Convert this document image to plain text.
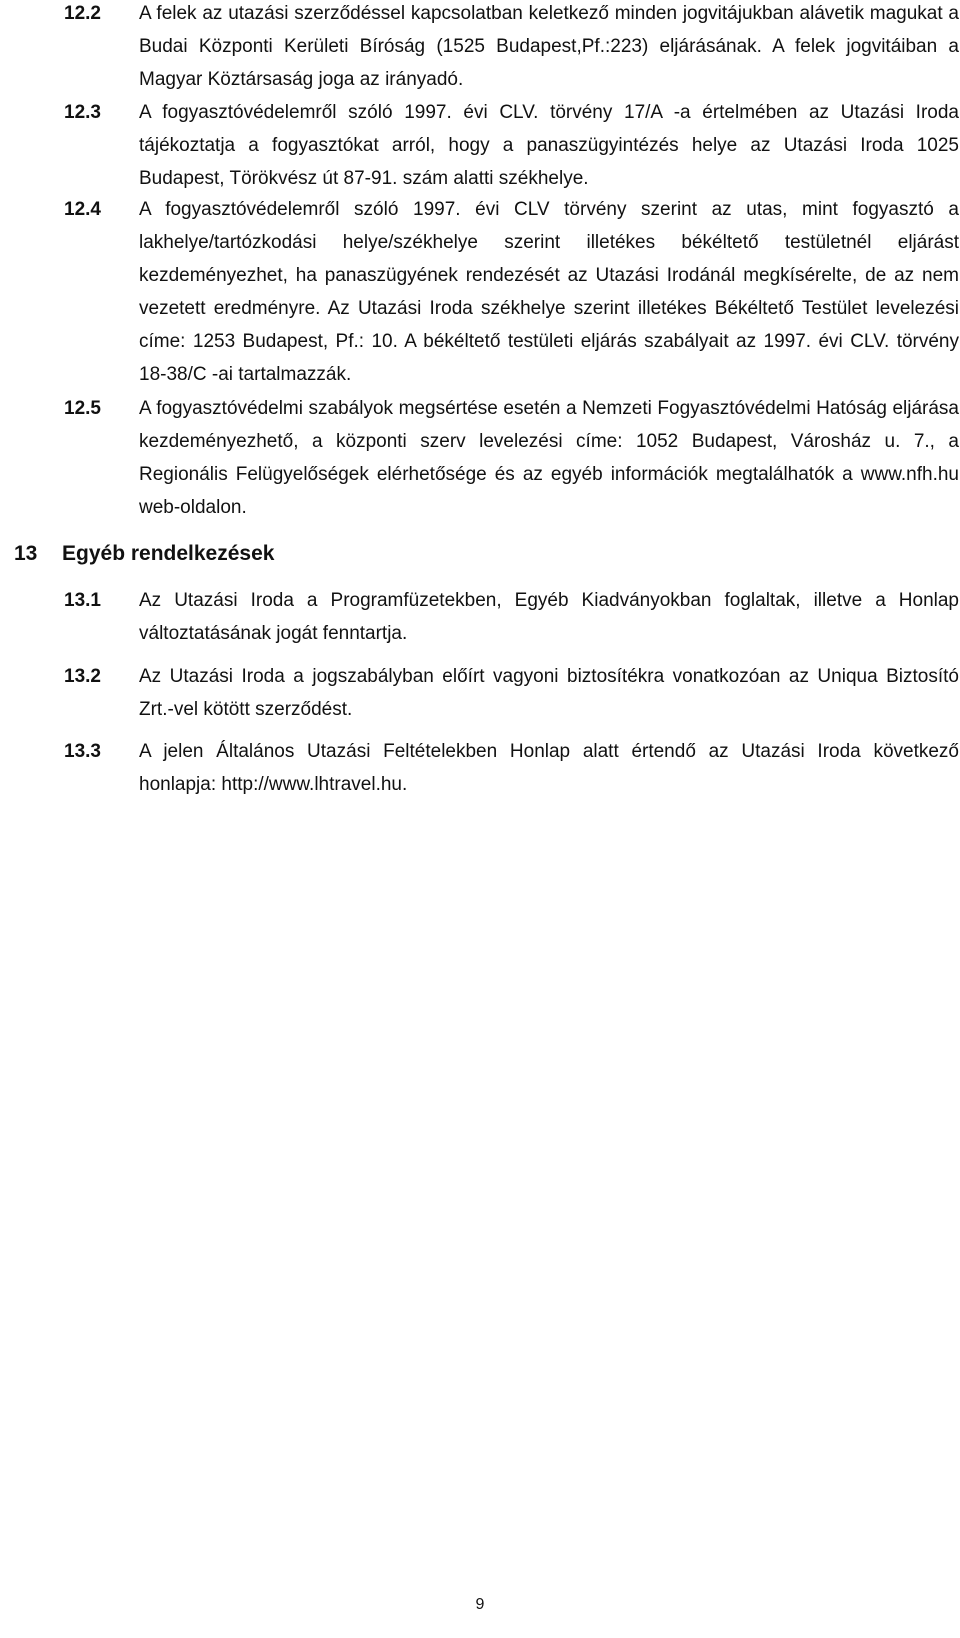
12.2 A felek az utazási szerződéssel kapcsolatban keletkező minden jogvitájukban alávetik magukat a Budai Központi Kerületi Bíróság (1525 Budapest,Pf.:223) eljárásának. A felek jogvitáiban a Magyar Köztársaság joga az irányadó.
12.3 A fogyasztóvédelemről szóló 1997. évi CLV. törvény 17/A -a értelmében az Utazási Iroda tájékoztatja a fogyasztókat arról, hogy a panaszügyintézés helye az Utazási Iroda 1025 Budapest, Törökvész út 87-91. szám alatti székhelye.
12.4 A fogyasztóvédelemről szóló 1997. évi CLV törvény szerint az utas, mint fogyasztó a lakhelye/tartózkodási helye/székhelye szerint illetékes békéltető testületnél eljárást kezdeményezhet, ha panaszügyének rendezését az Utazási Irodánál megkísérelte, de az nem vezetett eredményre. Az Utazási Iroda székhelye szerint illetékes Békéltető Testület levelezési címe: 1253 Budapest, Pf.: 10. A békéltető testületi eljárás szabályait az 1997. évi CLV. törvény 18-38/C -ai tartalmazzák.
12.5 A fogyasztóvédelmi szabályok megsértése esetén a Nemzeti Fogyasztóvédelmi Hatóság eljárása kezdeményezhető, a központi szerv levelezési címe: 1052 Budapest, Városház u. 7., a Regionális Felügyelőségek elérhetősége és az egyéb információk megtalálhatók a www.nfh.hu web-oldalon.
13 Egyéb rendelkezések
13.1 Az Utazási Iroda a Programfüzetekben, Egyéb Kiadványokban foglaltak, illetve a Honlap változtatásának jogát fenntartja.
13.2 Az Utazási Iroda a jogszabályban előírt vagyoni biztosítékra vonatkozóan az Uniqua Biztosító Zrt.-vel kötött szerződést.
13.3 A jelen Általános Utazási Feltételekben Honlap alatt értendő az Utazási Iroda következő honlapja: http://www.lhtravel.hu.
9
